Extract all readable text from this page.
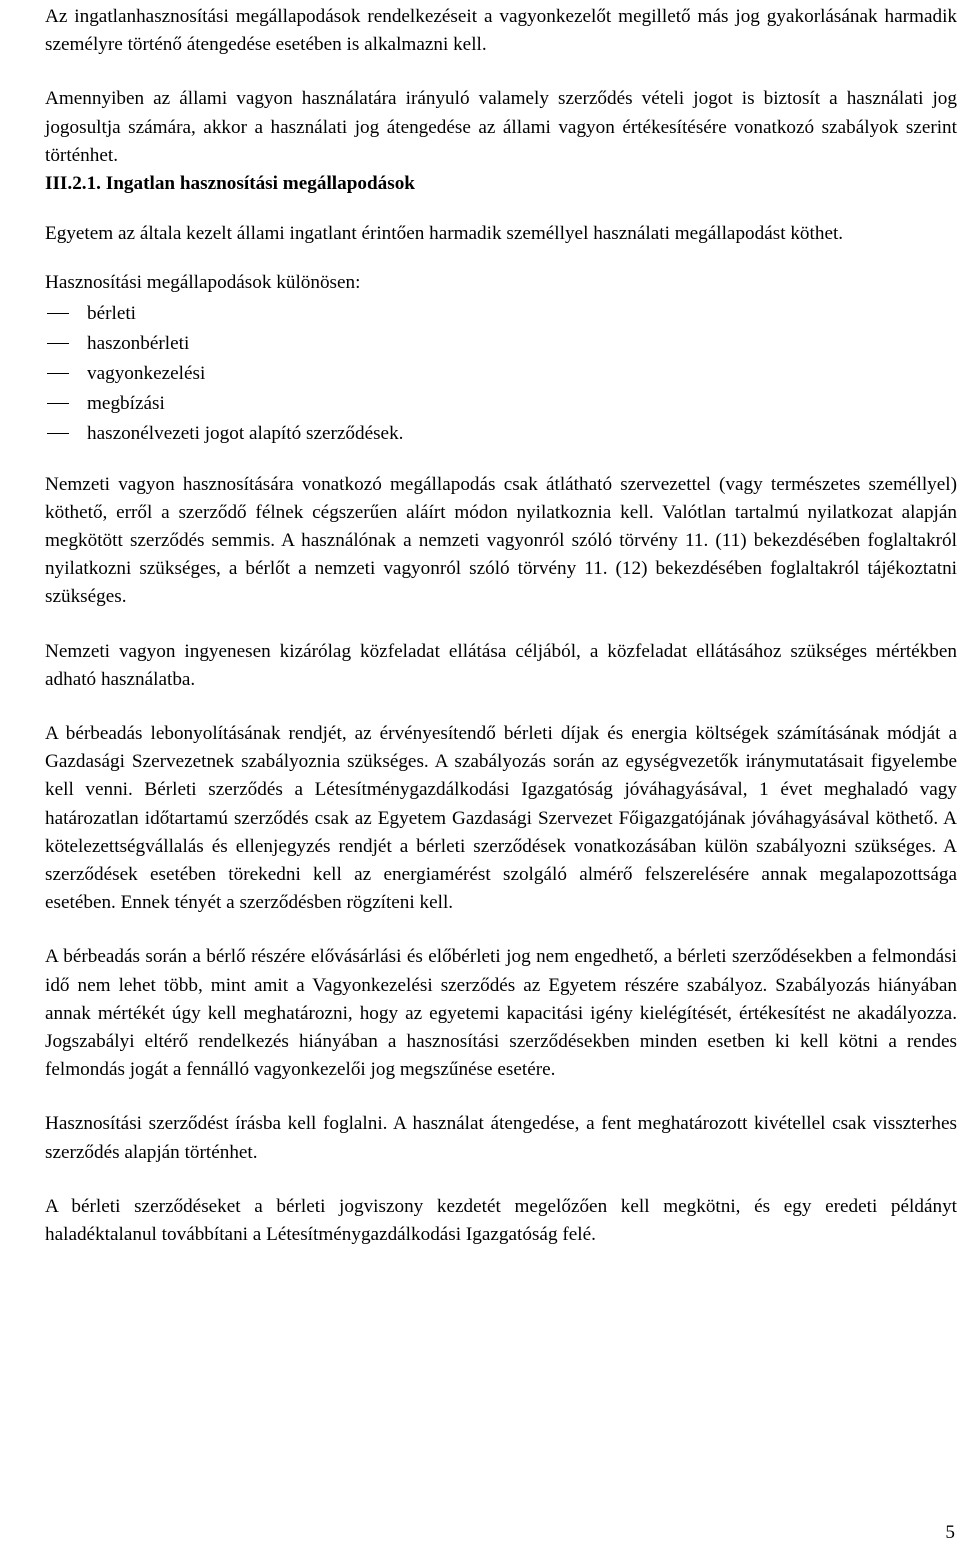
Az ingatlanhasznosítási megállapodások rendelkezéseit a vagyonkezelőt megillető más jog gyakorlásának harmadik személyre történő átengedése esetében is alkalmazni kell.

Amennyiben az állami vagyon használatára irányuló valamely szerződés vételi jogot is biztosít a használati jog jogosultja számára, akkor a használati jog átengedése az állami vagyon értékesítésére vonatkozó szabályok szerint történhet.

III.2.1. Ingatlan hasznosítási megállapodások

Egyetem az általa kezelt állami ingatlant érintően harmadik személlyel használati megállapodást köthet.

Hasznosítási megállapodások különösen:

bérleti
haszonbérleti
vagyonkezelési
megbízási
haszonélvezeti jogot alapító szerződések.

Nemzeti vagyon hasznosítására vonatkozó megállapodás csak átlátható szervezettel (vagy természetes személlyel) köthető, erről a szerződő félnek cégszerűen aláírt módon nyilatkoznia kell. Valótlan tartalmú nyilatkozat alapján megkötött szerződés semmis. A használónak a nemzeti vagyonról szóló törvény 11. (11) bekezdésében foglaltakról nyilatkozni szükséges, a bérlőt a nemzeti vagyonról szóló törvény 11. (12) bekezdésében foglaltakról tájékoztatni szükséges.

Nemzeti vagyon ingyenesen kizárólag közfeladat ellátása céljából, a közfeladat ellátásához szükséges mértékben adható használatba.

A bérbeadás lebonyolításának rendjét, az érvényesítendő bérleti díjak és energia költségek számításának módját a Gazdasági Szervezetnek szabályoznia szükséges. A szabályozás során az egységvezetők iránymutatásait figyelembe kell venni. Bérleti szerződés a Létesítménygazdálkodási Igazgatóság jóváhagyásával, 1 évet meghaladó vagy határozatlan időtartamú szerződés csak az Egyetem Gazdasági Szervezet Főigazgatójának jóváhagyásával köthető. A kötelezettségvállalás és ellenjegyzés rendjét a bérleti szerződések vonatkozásában külön szabályozni szükséges. A szerződések esetében törekedni kell az energiamérést szolgáló almérő felszerelésére annak megalapozottsága esetében. Ennek tényét a szerződésben rögzíteni kell.

A bérbeadás során a bérlő részére elővásárlási és előbérleti jog nem engedhető, a bérleti szerződésekben a felmondási idő nem lehet több, mint amit a Vagyonkezelési szerződés az Egyetem részére szabályoz. Szabályozás hiányában annak mértékét úgy kell meghatározni, hogy az egyetemi kapacitási igény kielégítését, értékesítést ne akadályozza. Jogszabályi eltérő rendelkezés hiányában a hasznosítási szerződésekben minden esetben ki kell kötni a rendes felmondás jogát a fennálló vagyonkezelői jog megszűnése esetére.

Hasznosítási szerződést írásba kell foglalni. A használat átengedése, a fent meghatározott kivétellel csak visszterhes szerződés alapján történhet.

A bérleti szerződéseket a bérleti jogviszony kezdetét megelőzően kell megkötni, és egy eredeti példányt haladéktalanul továbbítani a Létesítménygazdálkodási Igazgatóság felé.

5
